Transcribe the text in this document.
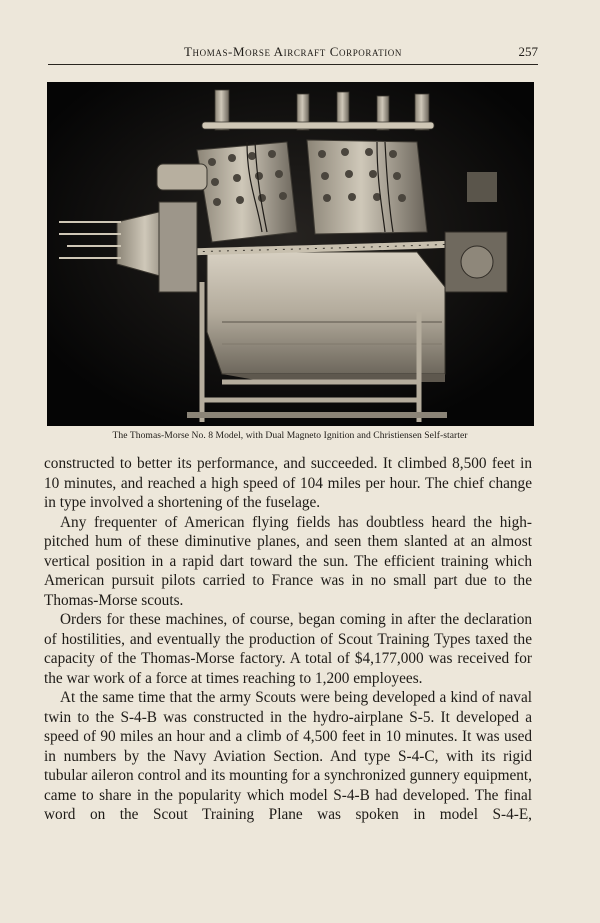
Thomas-Morse Aircraft Corporation	257
The Thomas-Morse No. 8 Model, with Dual Magneto Ignition and Christiensen Self-starter

constructed to better its performance, and succeeded. It climbed 8,500 feet in 10 minutes, and reached a high speed of 104 miles per hour. The chief change in type involved a shortening of the fuselage.

Any frequenter of American flying fields has doubtless heard the high-pitched hum of these diminutive planes, and seen them slanted at an almost vertical position in a rapid dart toward the sun. The efficient training which American pursuit pilots carried to France was in no small part due to the Thomas-Morse scouts.

Orders for these machines, of course, began coming in after the declaration of hostilities, and eventually the production of Scout Training Types taxed the capacity of the Thomas-Morse factory. A total of $4,177,000 was received for the war work of a force at times reaching to 1,200 employees.

At the same time that the army Scouts were being developed a kind of naval twin to the S-4-B was constructed in the hydro-airplane S-5. It developed a speed of 90 miles an hour and a climb of 4,500 feet in 10 minutes. It was used in numbers by the Navy Aviation Section. And type S-4-C, with its rigid tubular aileron control and its mounting for a synchronized gunnery equipment, came to share in the popularity which model S-4-B had developed. The final word on the Scout Training Plane was spoken in model S-4-E,
